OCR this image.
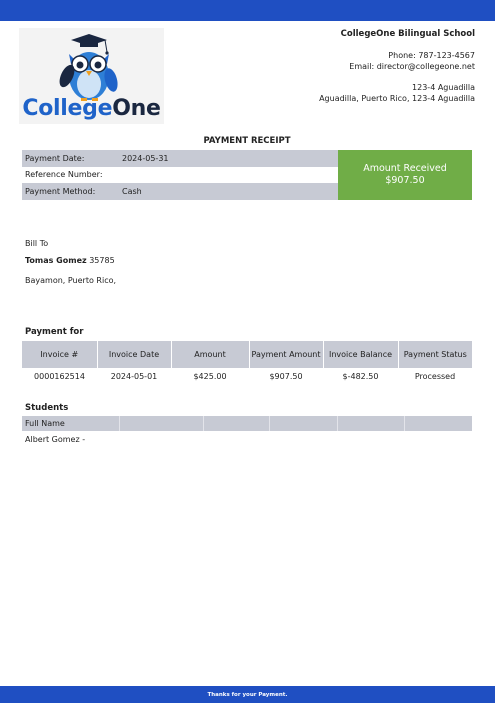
CollegeOne
CollegeOne Bilingual School
Phone: 787-123-4567
Email: director@collegeone.net
123-4 Aguadilla
Aguadilla, Puerto Rico, 123-4 Aguadilla
PAYMENT RECEIPT
Payment Date:	2024-05-31
Reference Number:
Payment Method:	Cash
Amount Received
$907.50
Bill To
Tomas Gomez 35785
Bayamon, Puerto Rico,
Payment for
Invoice #	Invoice Date	Amount	Payment Amount	Invoice Balance	Payment Status
0000162514	2024-05-01	$425.00	$907.50	$-482.50	Processed
Students
Full Name					
Albert Gomez -
Thanks for your Payment.
